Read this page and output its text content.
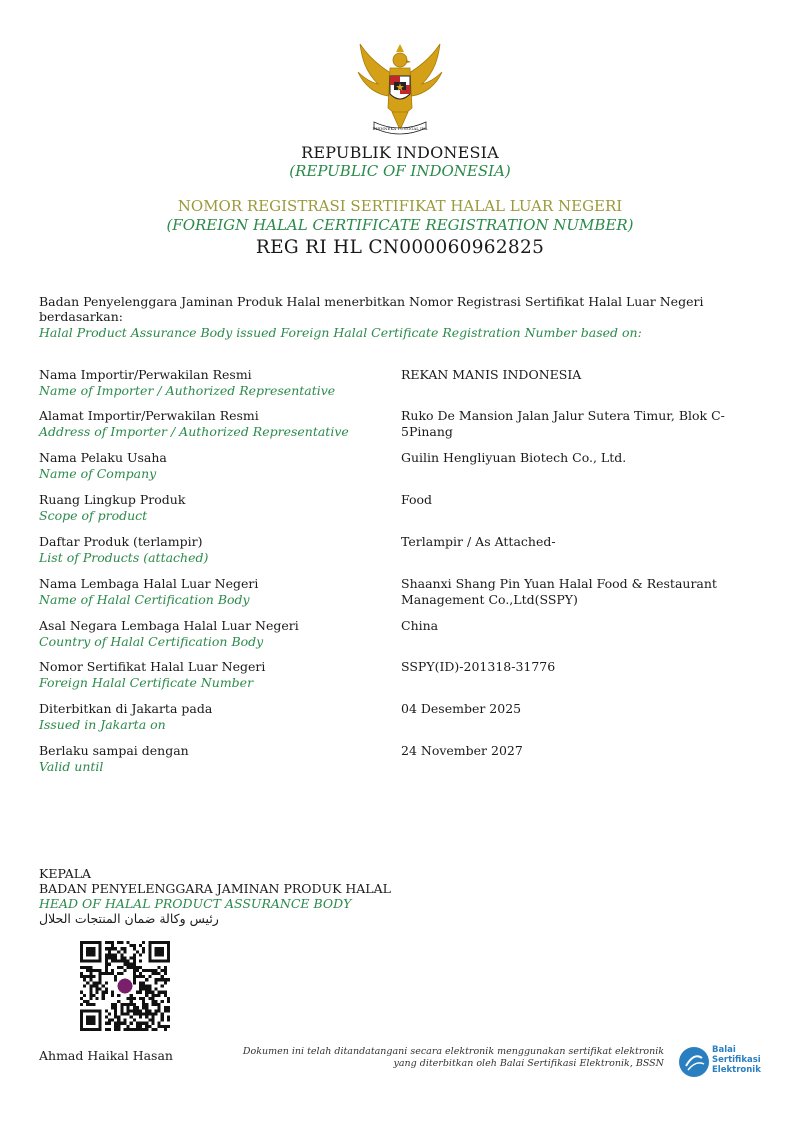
BHINNEKA TUNGGAL IKA
REPUBLIK INDONESIA
(REPUBLIC OF INDONESIA)
NOMOR REGISTRASI SERTIFIKAT HALAL LUAR NEGERI
(FOREIGN HALAL CERTIFICATE REGISTRATION NUMBER)
REG RI HL CN000060962825
Badan Penyelenggara Jaminan Produk Halal menerbitkan Nomor Registrasi Sertifikat Halal Luar Negeri berdasarkan:
Halal Product Assurance Body issued Foreign Halal Certificate Registration Number based on:
Nama Importir/Perwakilan Resmi
Name of Importer / Authorized Representative
REKAN MANIS INDONESIA
Alamat Importir/Perwakilan Resmi
Address of Importer / Authorized Representative
Ruko De Mansion Jalan Jalur Sutera Timur, Blok C-5Pinang
Nama Pelaku Usaha
Name of Company
Guilin Hengliyuan Biotech Co., Ltd.
Ruang Lingkup Produk
Scope of product
Food
Daftar Produk (terlampir)
List of Products (attached)
Terlampir / As Attached-
Nama Lembaga Halal Luar Negeri
Name of Halal Certification Body
Shaanxi Shang Pin Yuan Halal Food & Restaurant Management Co.,Ltd(SSPY)
Asal Negara Lembaga Halal Luar Negeri
Country of Halal Certification Body
China
Nomor Sertifikat Halal Luar Negeri
Foreign Halal Certificate Number
SSPY(ID)-201318-31776
Diterbitkan di Jakarta pada
Issued in Jakarta on
04 Desember 2025
Berlaku sampai dengan
Valid until
24 November 2027
KEPALA
BADAN PENYELENGGARA JAMINAN PRODUK HALAL
HEAD OF HALAL PRODUCT ASSURANCE BODY
رئيس وكالة ضمان المنتجات الحلال
Ahmad Haikal Hasan	Dokumen ini telah ditandatangani secara elektronik menggunakan sertifikat elektronik
yang diterbitkan oleh Balai Sertifikasi Elektronik, BSSN
Balai
Sertifikasi
Elektronik
